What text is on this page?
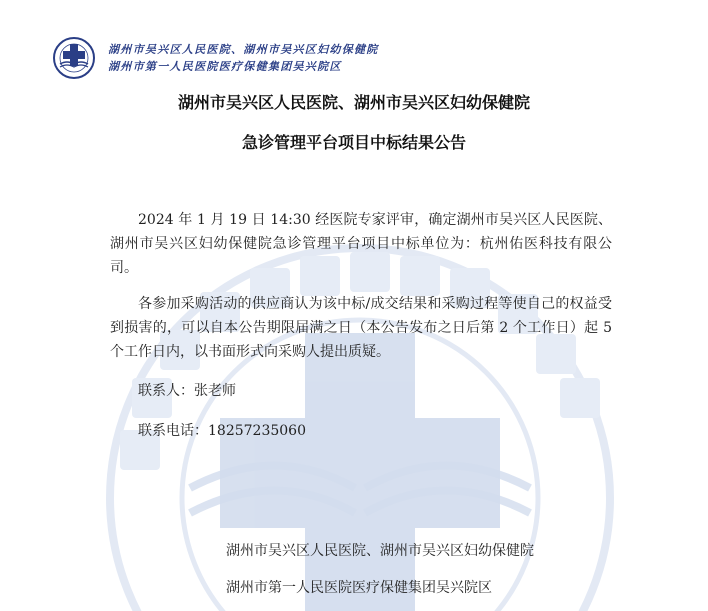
湖州市吴兴区人民医院、湖州市吴兴区妇幼保健院
湖州市第一人民医院医疗保健集团吴兴院区
湖州市吴兴区人民医院、湖州市吴兴区妇幼保健院
急诊管理平台项目中标结果公告
2024 年 1 月 19 日 14:30 经医院专家评审，确定湖州市吴兴区人民医院、湖州市吴兴区妇幼保健院急诊管理平台项目中标单位为：杭州佑医科技有限公司。
各参加采购活动的供应商认为该中标/成交结果和采购过程等使自己的权益受到损害的，可以自本公告期限届满之日（本公告发布之日后第 2 个工作日）起 5 个工作日内，以书面形式向采购人提出质疑。
联系人：张老师
联系电话：18257235060
湖州市吴兴区人民医院、湖州市吴兴区妇幼保健院
湖州市第一人民医院医疗保健集团吴兴院区
